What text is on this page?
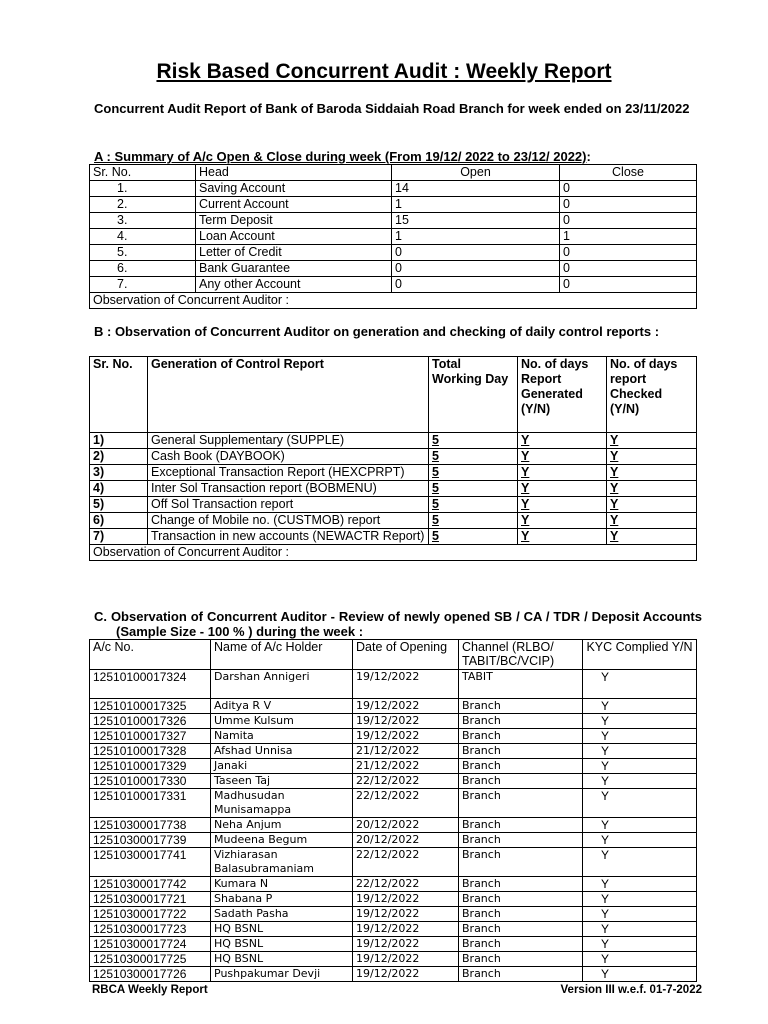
Risk Based Concurrent Audit : Weekly Report
Concurrent Audit Report of Bank of Baroda Siddaiah Road Branch for week ended on 23/11/2022
A : Summary of A/c Open & Close during week (From 19/12/ 2022 to 23/12/ 2022):
Sr. No.	Head	Open	Close
1.	Saving Account	14	0
2.	Current Account	1	0
3.	Term Deposit	15	0
4.	Loan Account	1	1
5.	Letter of Credit	0	0
6.	Bank Guarantee	0	0
7.	Any other Account	0	0
Observation of Concurrent Auditor :			
B : Observation of Concurrent Auditor on generation and checking of daily control reports :
Sr. No.	Generation of Control Report	Total Working Day	No. of days Report Generated (Y/N)	No. of days report Checked (Y/N)
1)	General Supplementary (SUPPLE)	5	Y	Y
2)	Cash Book (DAYBOOK)	5	Y	Y
3)	Exceptional Transaction Report (HEXCPRPT)	5	Y	Y
4)	Inter Sol Transaction report (BOBMENU)	5	Y	Y
5)	Off Sol Transaction report	5	Y	Y
6)	Change of Mobile no. (CUSTMOB) report	5	Y	Y
7)	Transaction in new accounts (NEWACTR Report)	5	Y	Y
Observation of Concurrent Auditor :				
C. Observation of Concurrent Auditor - Review of newly opened SB / CA / TDR / Deposit Accounts (Sample Size - 100 % ) during the week :
A/c No.	Name of A/c Holder	Date of Opening	Channel (RLBO/ TABIT/BC/VCIP)	KYC Complied Y/N
12510100017324	Darshan Annigeri	19/12/2022	TABIT	Y
12510100017325	Aditya R V	19/12/2022	Branch	Y
12510100017326	Umme Kulsum	19/12/2022	Branch	Y
12510100017327	Namita	19/12/2022	Branch	Y
12510100017328	Afshad Unnisa	21/12/2022	Branch	Y
12510100017329	Janaki	21/12/2022	Branch	Y
12510100017330	Taseen Taj	22/12/2022	Branch	Y
12510100017331	Madhusudan Munisamappa	22/12/2022	Branch	Y
12510300017738	Neha Anjum	20/12/2022	Branch	Y
12510300017739	Mudeena Begum	20/12/2022	Branch	Y
12510300017741	Vizhiarasan Balasubramaniam	22/12/2022	Branch	Y
12510300017742	Kumara N	22/12/2022	Branch	Y
12510300017721	Shabana P	19/12/2022	Branch	Y
12510300017722	Sadath Pasha	19/12/2022	Branch	Y
12510300017723	HQ BSNL	19/12/2022	Branch	Y
12510300017724	HQ BSNL	19/12/2022	Branch	Y
12510300017725	HQ BSNL	19/12/2022	Branch	Y
12510300017726	Pushpakumar Devji	19/12/2022	Branch	Y
RBCA Weekly Report	Version III w.e.f. 01-7-2022
